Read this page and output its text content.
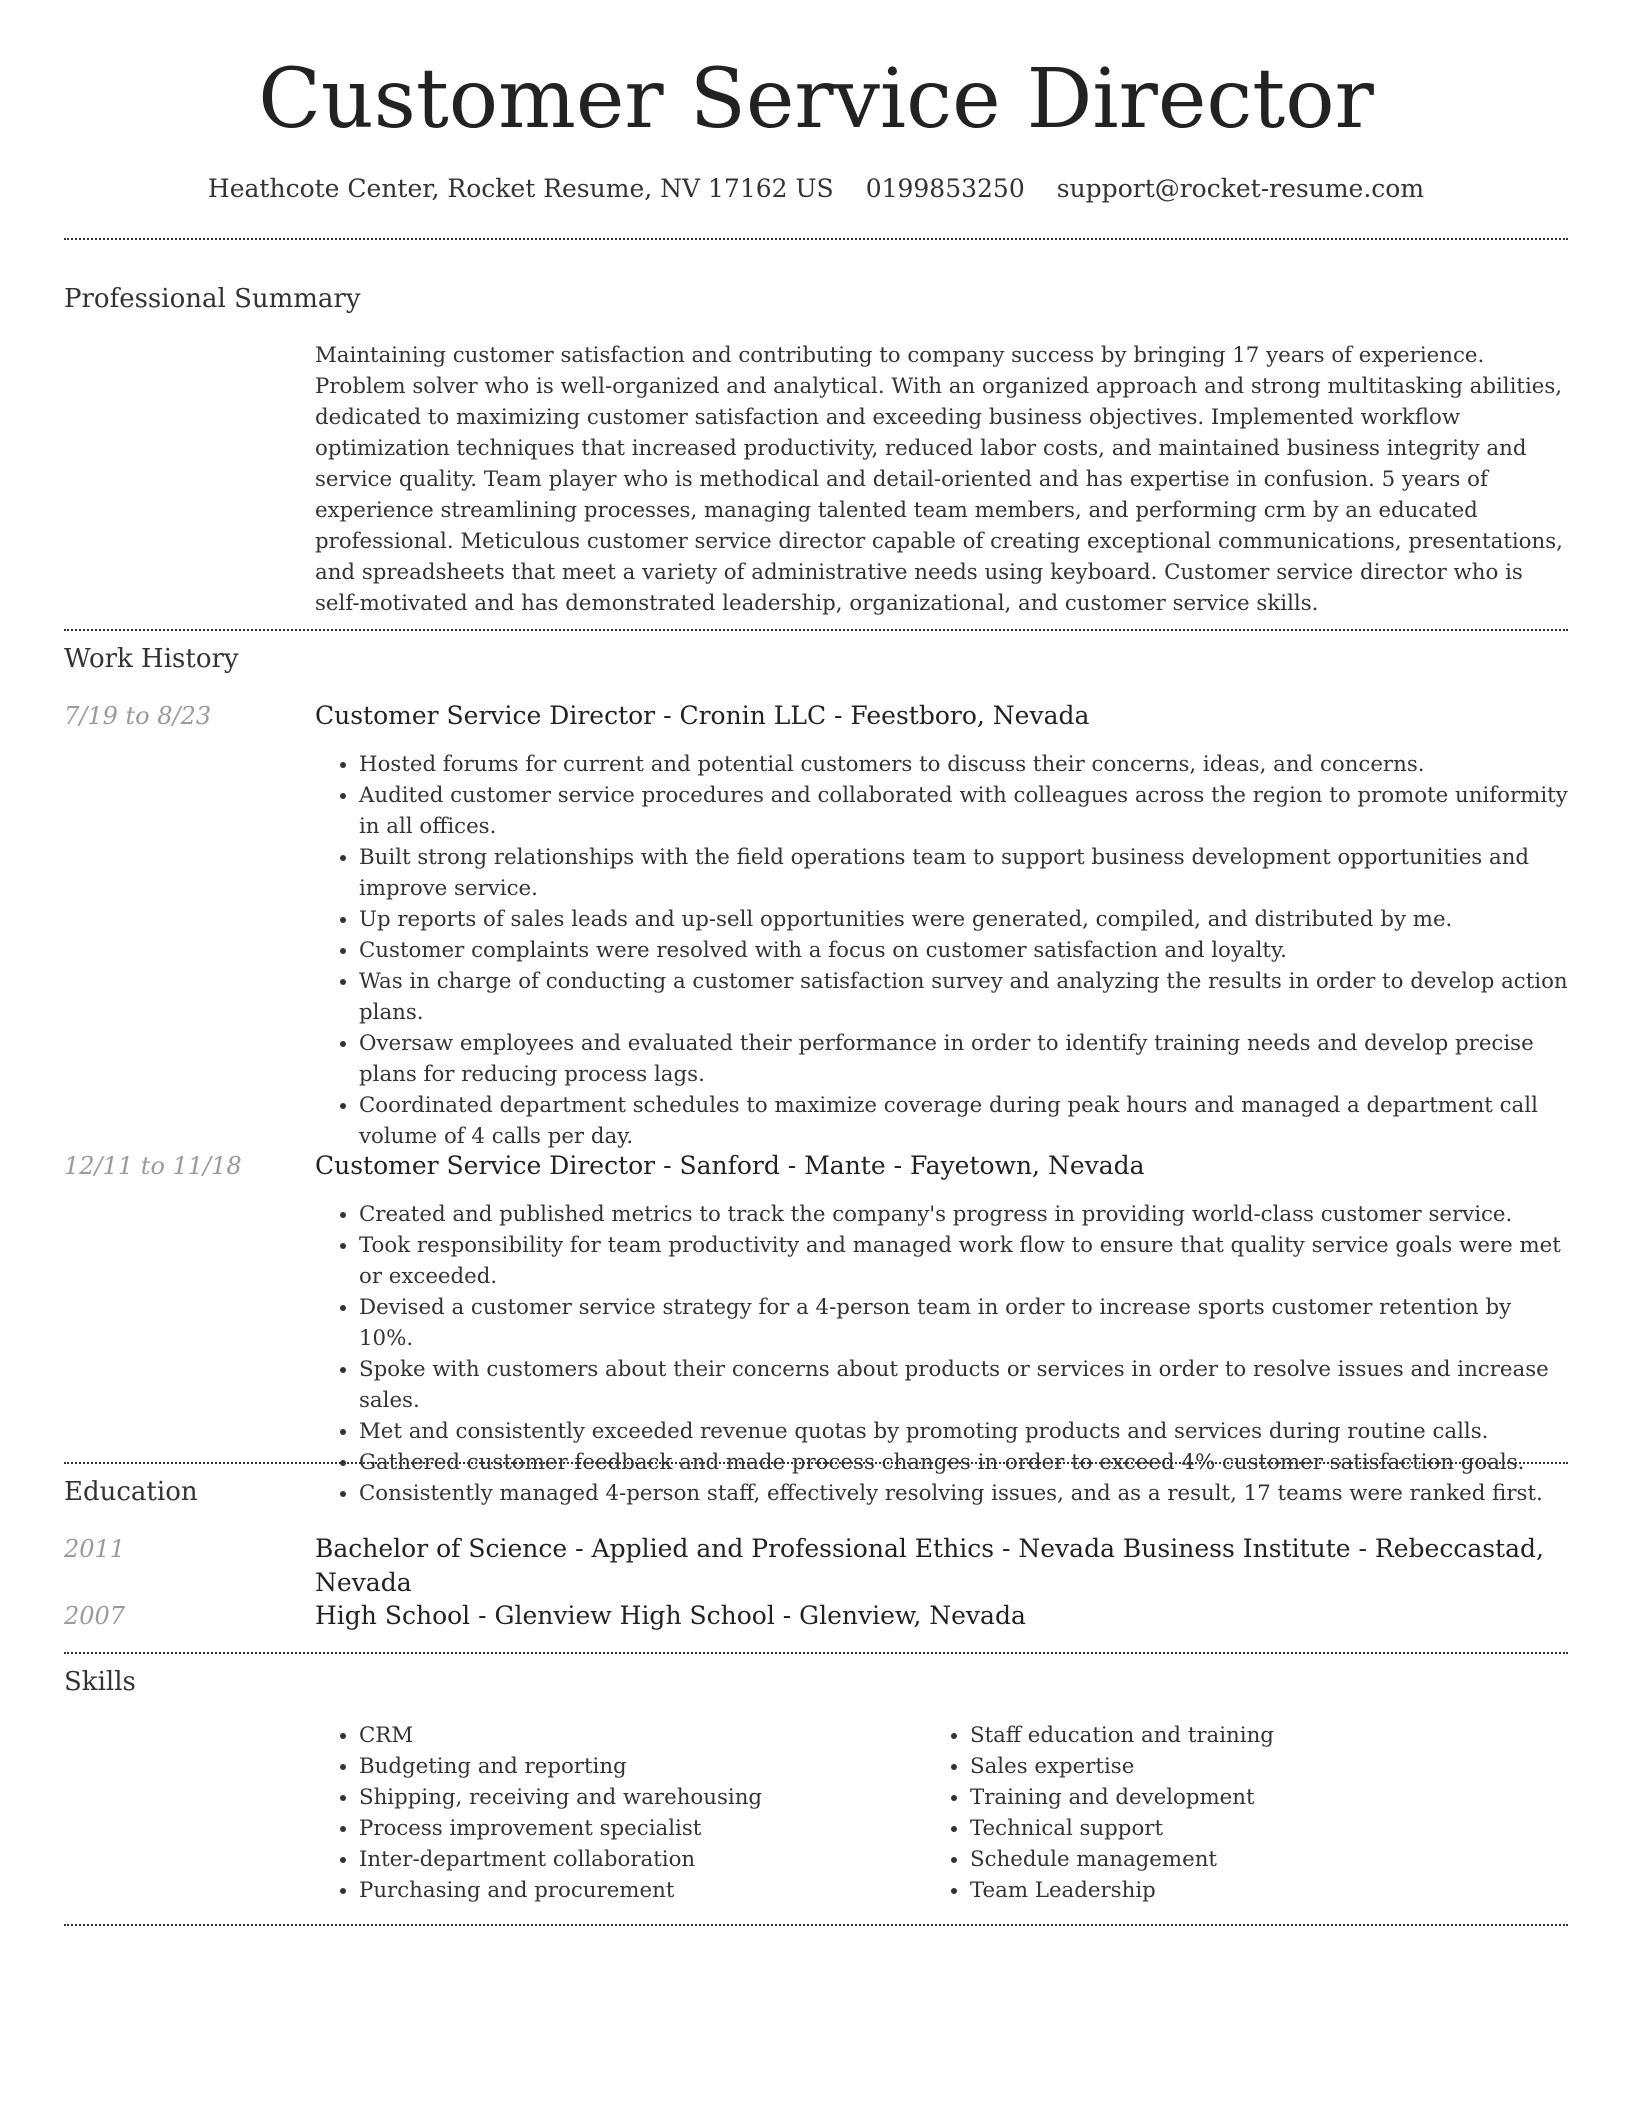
Customer Service Director
Heathcote Center, Rocket Resume, NV 17162 US 0199853250 support@rocket-resume.com
Professional Summary
Maintaining customer satisfaction and contributing to company success by bringing 17 years of experience. Problem solver who is well-organized and analytical. With an organized approach and strong multitasking abilities, dedicated to maximizing customer satisfaction and exceeding business objectives. Implemented workflow optimization techniques that increased productivity, reduced labor costs, and maintained business integrity and service quality. Team player who is methodical and detail-oriented and has expertise in confusion. 5 years of experience streamlining processes, managing talented team members, and performing crm by an educated professional. Meticulous customer service director capable of creating exceptional communications, presentations, and spreadsheets that meet a variety of administrative needs using keyboard. Customer service director who is self-motivated and has demonstrated leadership, organizational, and customer service skills.
Work History
7/19 to 8/23	Customer Service Director - Cronin LLC - Feestboro, Nevada
• Hosted forums for current and potential customers to discuss their concerns, ideas, and concerns.
• Audited customer service procedures and collaborated with colleagues across the region to promote uniformity in all offices.
• Built strong relationships with the field operations team to support business development opportunities and improve service.
• Up reports of sales leads and up-sell opportunities were generated, compiled, and distributed by me.
• Customer complaints were resolved with a focus on customer satisfaction and loyalty.
• Was in charge of conducting a customer satisfaction survey and analyzing the results in order to develop action plans.
• Oversaw employees and evaluated their performance in order to identify training needs and develop precise plans for reducing process lags.
• Coordinated department schedules to maximize coverage during peak hours and managed a department call volume of 4 calls per day.
12/11 to 11/18	Customer Service Director - Sanford - Mante - Fayetown, Nevada
• Created and published metrics to track the company's progress in providing world-class customer service.
• Took responsibility for team productivity and managed work flow to ensure that quality service goals were met or exceeded.
• Devised a customer service strategy for a 4-person team in order to increase sports customer retention by 10%.
• Spoke with customers about their concerns about products or services in order to resolve issues and increase sales.
• Met and consistently exceeded revenue quotas by promoting products and services during routine calls.
• Gathered customer feedback and made process changes in order to exceed 4% customer satisfaction goals.
• Consistently managed 4-person staff, effectively resolving issues, and as a result, 17 teams were ranked first.
Education
2011	Bachelor of Science - Applied and Professional Ethics - Nevada Business Institute - Rebeccastad, Nevada
2007	High School - Glenview High School - Glenview, Nevada
Skills
• CRM
• Budgeting and reporting
• Shipping, receiving and warehousing
• Process improvement specialist
• Inter-department collaboration
• Purchasing and procurement
• Staff education and training
• Sales expertise
• Training and development
• Technical support
• Schedule management
• Team Leadership
